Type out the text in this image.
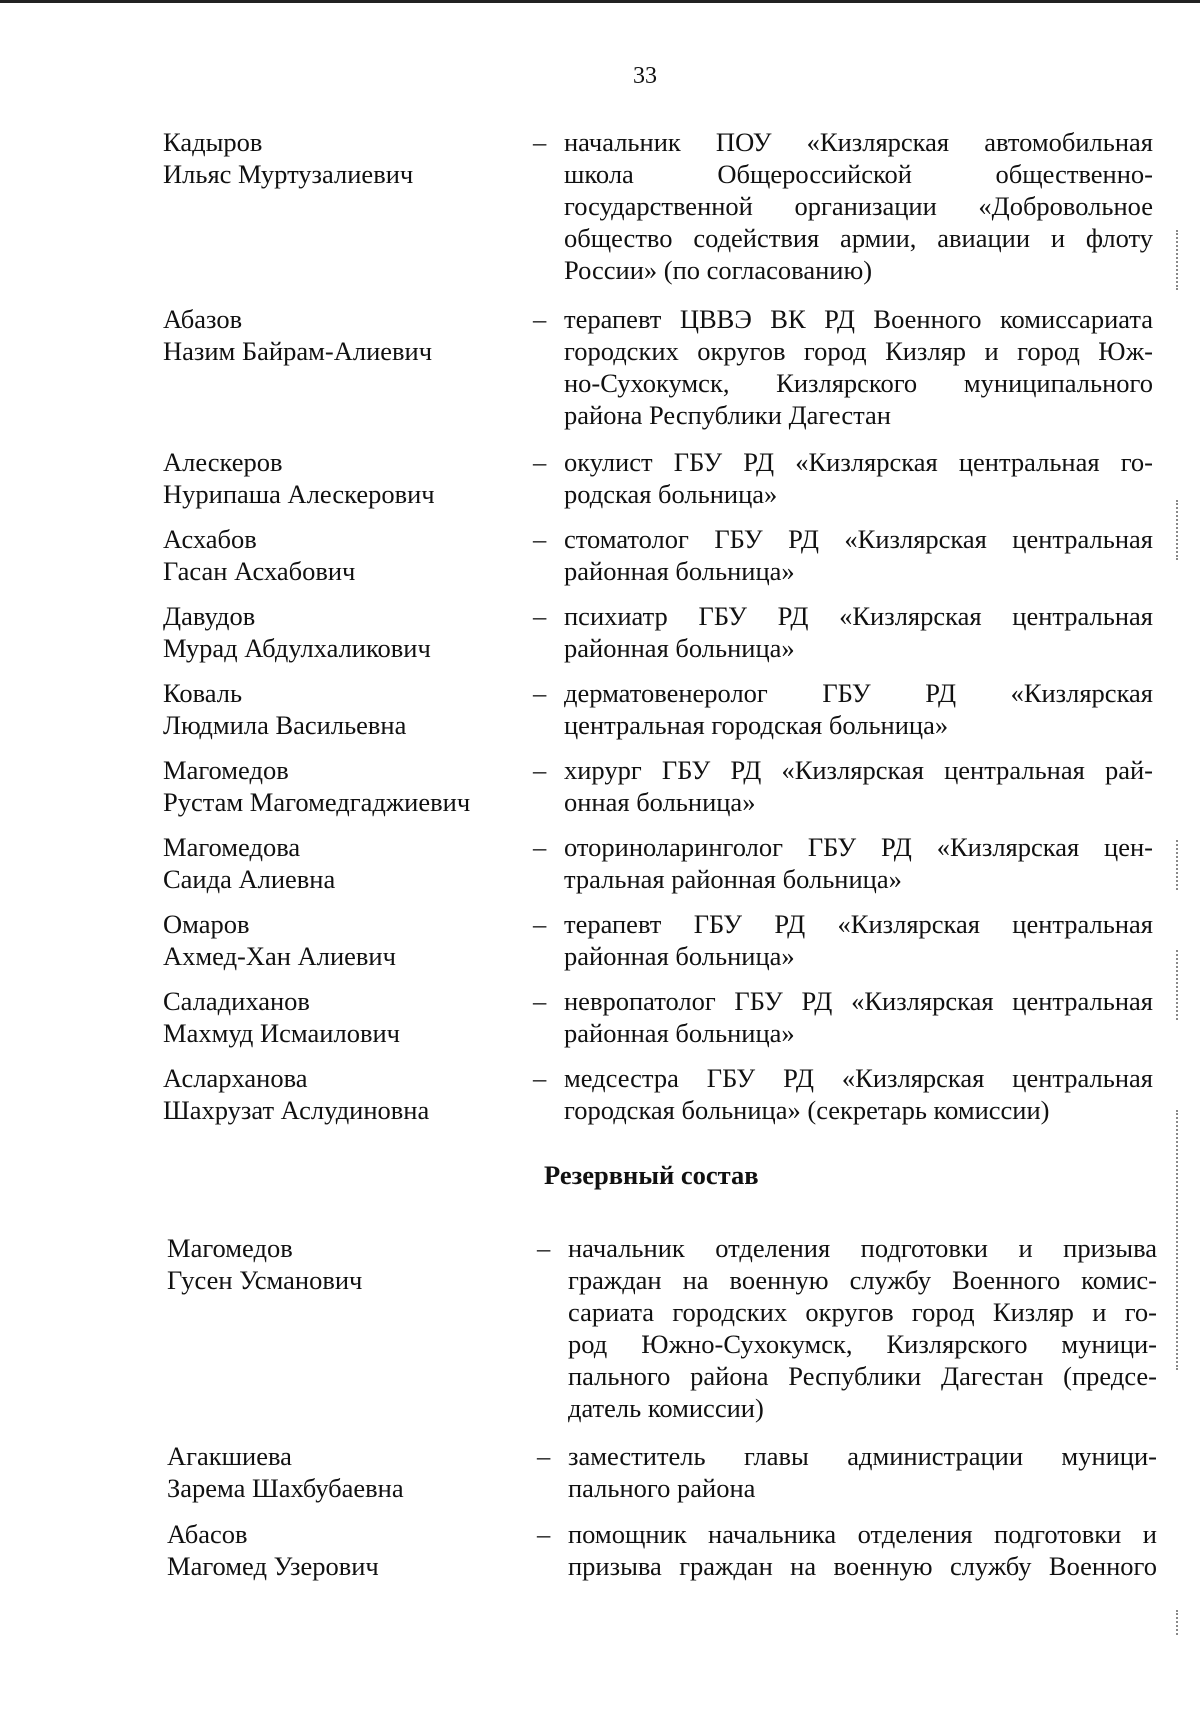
33
Кадыров
Ильяс Муртузалиевич
– начальник ПОУ «Кизлярская автомобильная
школа Общероссийской общественно-
государственной организации «Добровольное
общество содействия армии, авиации и флоту
России» (по согласованию)
Абазов
Назим Байрам-Алиевич
– терапевт ЦВВЭ ВК РД Военного комиссариата
городских округов город Кизляр и город Юж-
но-Сухокумск, Кизлярского муниципального
района Республики Дагестан
Алескеров
Нурипаша Алескерович
– окулист ГБУ РД «Кизлярская центральная го-
родская больница»
Асхабов
Гасан Асхабович
– стоматолог ГБУ РД «Кизлярская центральная
районная больница»
Давудов
Мурад Абдулхаликович
– психиатр ГБУ РД «Кизлярская центральная
районная больница»
Коваль
Людмила Васильевна
– дерматовенеролог ГБУ РД «Кизлярская
центральная городская больница»
Магомедов
Рустам Магомедгаджиевич
– хирург ГБУ РД «Кизлярская центральная рай-
онная больница»
Магомедова
Саида Алиевна
– оториноларинголог ГБУ РД «Кизлярская цен-
тральная районная больница»
Омаров
Ахмед-Хан Алиевич
– терапевт ГБУ РД «Кизлярская центральная
районная больница»
Саладиханов
Махмуд Исмаилович
– невропатолог ГБУ РД «Кизлярская центральная
районная больница»
Асларханова
Шахрузат Аслудиновна
– медсестра ГБУ РД «Кизлярская центральная
городская больница» (секретарь комиссии)
Резервный состав
Магомедов
Гусен Усманович
– начальник отделения подготовки и призыва
граждан на военную службу Военного комис-
сариата городских округов город Кизляр и го-
род Южно-Сухокумск, Кизлярского муници-
пального района Республики Дагестан (предсе-
датель комиссии)
Агакшиева
Зарема Шахбубаевна
– заместитель главы администрации муници-
пального района
Абасов
Магомед Узерович
– помощник начальника отделения подготовки и
призыва граждан на военную службу Военного
